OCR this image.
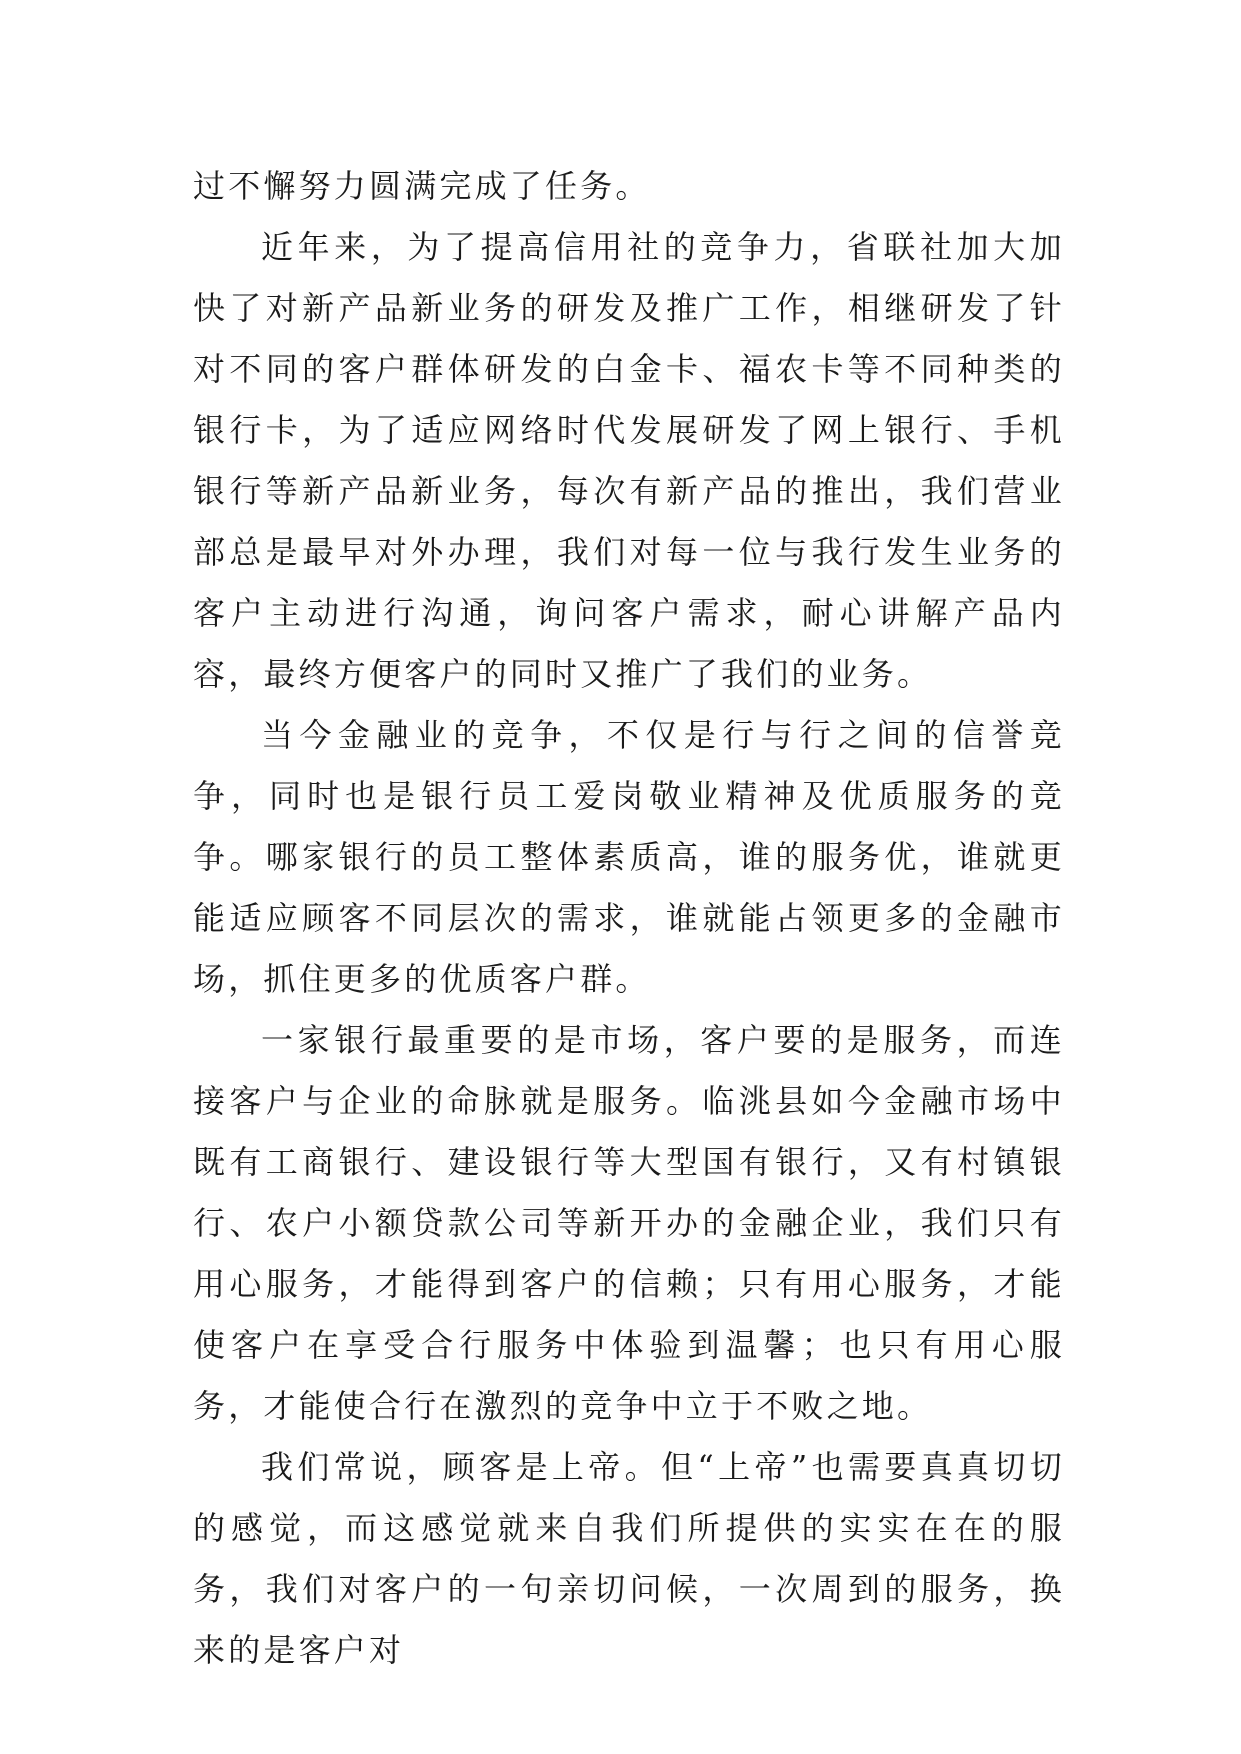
过不懈努力圆满完成了任务。

近年来，为了提高信用社的竞争力，省联社加大加快了对新产品新业务的研发及推广工作，相继研发了针对不同的客户群体研发的白金卡、福农卡等不同种类的银行卡，为了适应网络时代发展研发了网上银行、手机银行等新产品新业务，每次有新产品的推出，我们营业部总是最早对外办理，我们对每一位与我行发生业务的客户主动进行沟通，询问客户需求，耐心讲解产品内容，最终方便客户的同时又推广了我们的业务。

当今金融业的竞争，不仅是行与行之间的信誉竞争，同时也是银行员工爱岗敬业精神及优质服务的竞争。哪家银行的员工整体素质高，谁的服务优，谁就更能适应顾客不同层次的需求，谁就能占领更多的金融市场，抓住更多的优质客户群。

一家银行最重要的是市场，客户要的是服务，而连接客户与企业的命脉就是服务。临洮县如今金融市场中既有工商银行、建设银行等大型国有银行，又有村镇银行、农户小额贷款公司等新开办的金融企业，我们只有用心服务，才能得到客户的信赖；只有用心服务，才能使客户在享受合行服务中体验到温馨；也只有用心服务，才能使合行在激烈的竞争中立于不败之地。

我们常说，顾客是上帝。但“上帝”也需要真真切切的感觉，而这感觉就来自我们所提供的实实在在的服务，我们对客户的一句亲切问候，一次周到的服务，换来的是客户对
